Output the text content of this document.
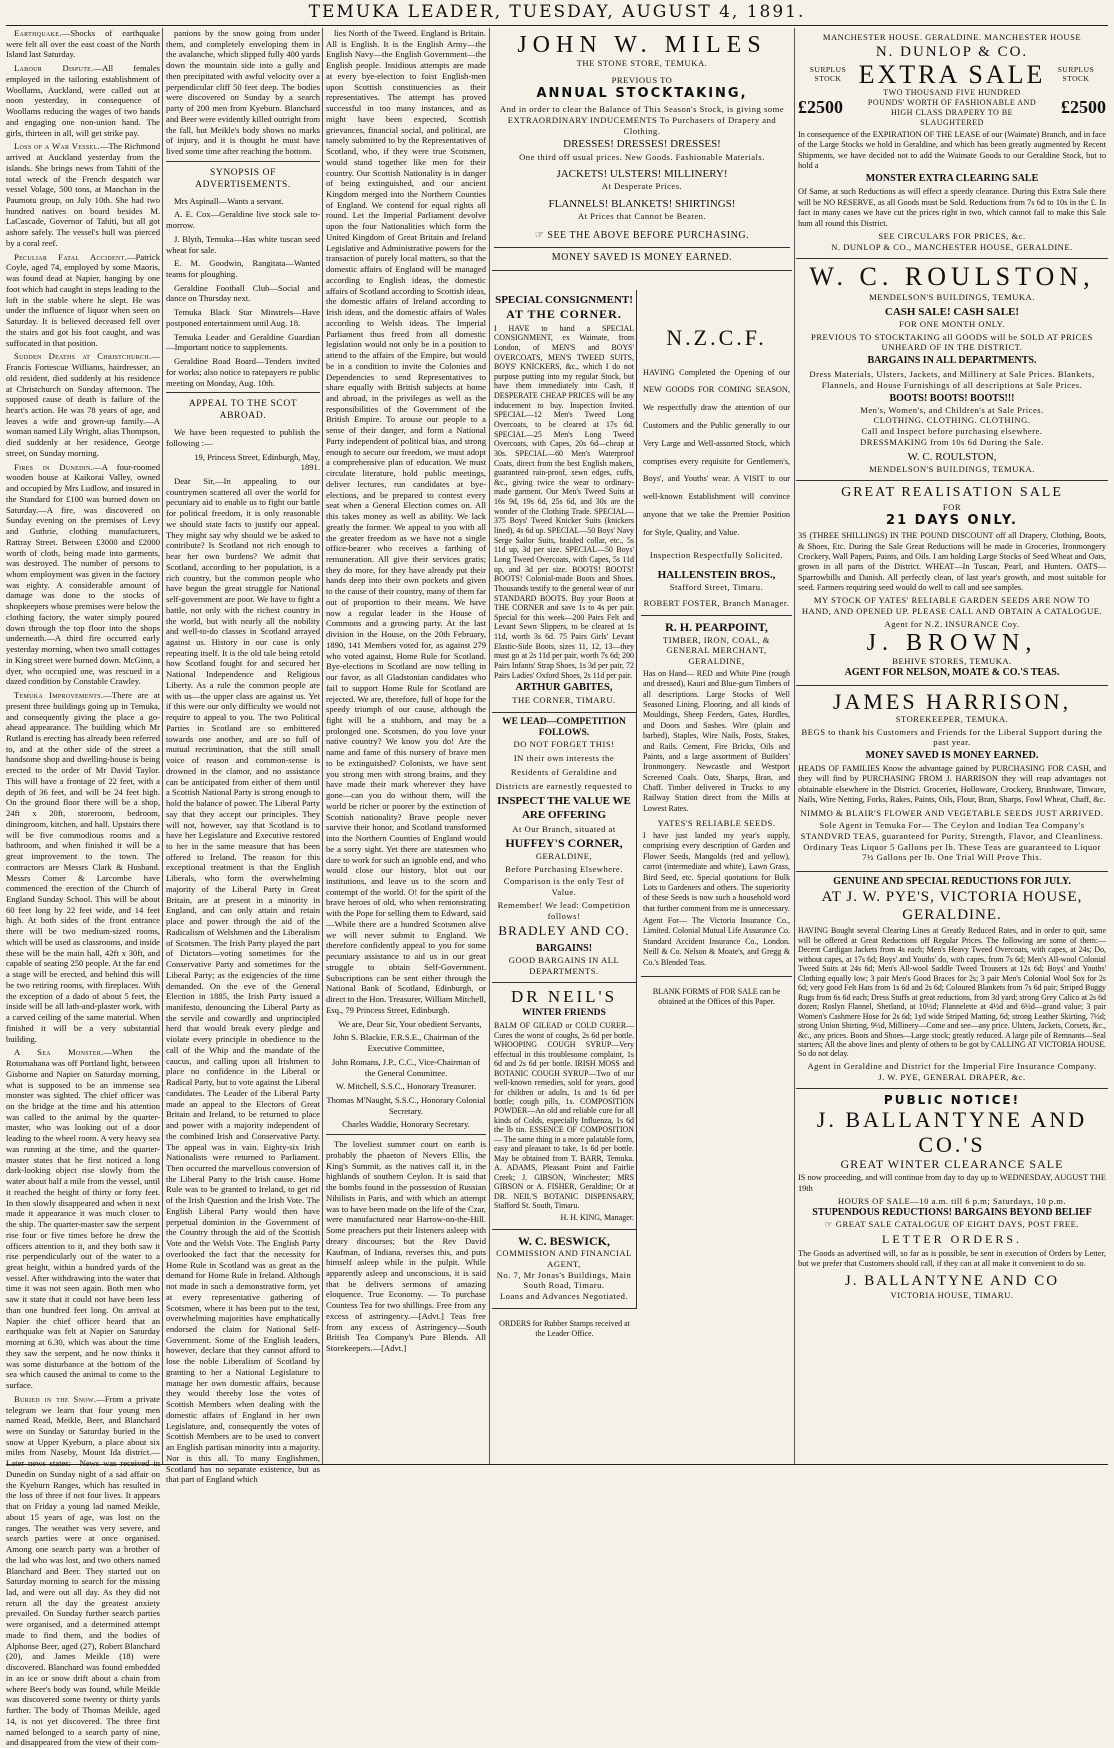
TEMUKA LEADER, TUESDAY, AUGUST 4, 1891.

Earthquake.—Shocks of earthquake were felt all over the east coast of the North Island last Saturday.

Labour Dispute.—All females employed in the tailoring establishment of Woollams, Auckland, were called out at noon yesterday, in consequence of Woollams reducing the wages of two hands and engaging one non-union hand. The girls, thirteen in all, will get strike pay.

Loss of a War Vessel.—The Richmond arrived at Auckland yesterday from the islands. She brings news from Tahiti of the total wreck of the French despatch war vessel Volage, 500 tons, at Manchan in the Paumotu group, on July 10th. She had two hundred natives on board besides M. LaCascade, Governor of Tahiti, but all got ashore safely. The vessel's hull was pierced by a coral reef.

Peculiar Fatal Accident.—Patrick Coyle, aged 74, employed by some Maoris, was found dead at Napier, hanging by one foot which had caught in steps leading to the loft in the stable where he slept. He was under the influence of liquor when seen on Saturday. It is believed deceased fell over the stairs and got his foot caught, and was suffocated in that position.

Sudden Deaths at Christchurch.—Francis Fortescue Williams, hairdresser, an old resident, died suddenly at his residence at Christchurch on Sunday afternoon. The supposed cause of death is failure of the heart's action. He was 78 years of age, and leaves a wife and grown-up family.—A woman named Lily Wright, alias Thompson, died suddenly at her residence, George street, on Sunday morning.

Fires in Dunedin.—A four-roomed wooden house at Kaikorai Valley, owned and occupied by Mrs Ludlow, and insured in the Standard for £100 was burned down on Saturday.—A fire, was discovered on Sunday evening on the premises of Levy and Guthrie, clothing manufacturers, Rattray Street. Between £3000 and £2000 worth of cloth, being made into garments, was destroyed. The number of persons to whom employment was given in the factory was eighty. A considerable amount of damage was done to the stocks of shopkeepers whose premises were below the clothing factory, the water simply poured down through the top floor into the shops underneath.—A third fire occurred early yesterday morning, when two small cottages in King street were burned down. McGinn, a dyer, who occupied one, was rescued in a dazed condition by Constable Crawley.

Temuka Improvements.—There are at present three buildings going up in Temuka, and consequently giving the place a go-ahead appearance. The building which Mr Rutland is erecting has already been referred to, and at the other side of the street a handsome shop and dwelling-house is being erected to the order of Mr David Taylor. This will have a frontage of 22 feet, with a depth of 36 feet, and will be 24 feet high. On the ground floor there will be a shop, 24ft x 20ft, storeroom, bedroom, diningroom, kitchen, and hall. Upstairs there will be five commodious rooms and a bathroom, and when finished it will be a great improvement to the town. The contractors are Messrs Clark & Husband. Messrs Comer & Larcombe have commenced the erection of the Church of England Sunday School. This will be about 60 feet long by 22 feet wide, and 14 feet high. At both sides of the front entrance there will be two medium-sized rooms, which will be used as classrooms, and inside these will be the main hall, 42ft x 30ft, and capable of seating 250 people. At the far end a stage will be erected, and behind this will be two retiring rooms, with fireplaces. With the exception of a dado of about 5 feet, the inside will be all lath-and-plaster work, with a carved ceiling of the same material. When finished it will be a very substantial building.

A Sea Monster.—When the Rotomahana was off Portland light, between Gisborne and Napier on Saturday morning, what is supposed to be an immense sea monster was sighted. The chief officer was on the bridge at the time and his attention was called to the animal by the quarter-master, who was looking out of a door leading to the wheel room. A very heavy sea was running at the time, and the quarter-master states that he first noticed a long dark-looking object rise slowly from the water about half a mile from the vessel, until it reached the height of thirty or forty feet. In then slowly disappeared and when it next made it appearance it was much closer to the ship. The quarter-master saw the serpent rise four or five times before he drew the officers attention to it, and they both saw it rise perpendicularly out of the water to a great height, within a hundred yards of the vessel. After withdrawing into the water that time it was not seen again. Both men who saw it state that it could not have been less than one hundred feet long. On arrival at Napier the chief officer heard that an earthquake was felt at Napier on Saturday morning at 6.30, which was about the time they saw the serpent, and he now thinks it was some disturbance at the bottom of the sea which caused the animal to come to the surface.

Buried in the Snow.—From a private telegram we learn that four young men named Read, Meikle, Beer, and Blanchard were on Sunday or Saturday buried in the snow at Upper Kyeburn, a place about six miles from Naseby, Mount Ida district.—Later news states:—News was received in Dunedin on Sunday night of a sad affair on the Kyeburn Ranges, which has resulted in the loss of three if not four lives. It appears that on Friday a young lad named Meikle, about 15 years of age, was lost on the ranges. The weather was very severe, and search parties were at once organised. Among one search party was a brother of the lad who was lost, and two others named Blanchard and Beer. They started out on Saturday morning to search for the missing lad, and were out all day. As they did not return all the day the greatest anxiety prevailed. On Sunday further search parties were organised, and a determined attempt made to find them, and the bodies of Alphonse Beer, aged (27), Robert Blanchard (20), and James Meikle (18) were discovered. Blanchard was found embedded in an ice or snow drift about a chain from where Beer's body was found, while Meikle was discovered some twenty or thirty yards further. The body of Thomas Meikle, aged 14, is not yet discovered. The three first named belonged to a search party of nine, and disappeared from the view of their com-

panions by the snow going from under them, and completely enveloping them in the avalanche, which slipped fully 400 yards down the mountain side into a gully and then precipitated with awful velocity over a perpendicular cliff 50 feet deep. The bodies were discovered on Sunday by a search party of 200 men from Kyeburn. Blanchard and Beer were evidently killed outright from the fall, but Meikle's body shows no marks of injury, and it is thought he must have lived some time after reaching the bottom.

SYNOPSIS OF ADVERTISEMENTS.

Mrs Aspinall—Wants a servant.

A. E. Cox—Geraldine live stock sale to-morrow.

J. Blyth, Temuka—Has white tuscan seed wheat for sale.

E. M. Goodwin, Rangitata—Wanted teams for ploughing.

Geraldine Football Club—Social and dance on Thursday next.

Temuka Black Star Minstrels—Have postponed entertainment until Aug. 18.

Temuka Leader and Geraldine Guardian—Important notice to supplements.

Geraldine Road Board—Tenders invited for works; also notice to ratepayers re public meeting on Monday, Aug. 10th.

APPEAL TO THE SCOT ABROAD.

We have been requested to publish the following :—

19, Princess Street, Edinburgh, May, 1891.

Dear Sir,—In appealing to our countrymen scattered all over the world for pecuniary aid to enable us to fight our battle for political freedom, it is only reasonable we should state facts to justify our appeal. They might say why should we be asked to contribute? Is Scotland not rich enough to bear her own burdens? We admit that Scotland, according to her population, is a rich country, but the common people who have begun the great struggle for National self-government are poor. We have to fight a battle, not only with the richest country in the world, but with nearly all the nobility and well-to-do classes in Scotland arrayed against us. History in our case is only repeating itself. It is the old tale being retold how Scotland fought for and secured her National Independence and Religious Liberty. As a rule the common people are with us—the upper class are against us. Yet if this were our only difficulty we would not require to appeal to you. The two Political Parties in Scotland are so embittered towards one another, and are so full of mutual recrimination, that the still small voice of reason and common-sense is drowned in the clamor, and no assistance can be anticipated from either of them until a Scottish National Party is strong enough to hold the balance of power. The Liberal Party say that they accept our principles. They will not, however, say that Scotland is to have her Legislature and Executive restored to her in the same measure that has been offered to Ireland. The reason for this exceptional treatment is that the English Liberals, who form the overwhelming majority of the Liberal Party in Great Britain, are at present in a minority in England, and can only attain and retain place and power through the aid of the Radicalism of Welshmen and the Liberalism of Scotsmen. The Irish Party played the part of Dictators—voting sometimes for the Conservative Party and sometimes for the Liberal Party; as the exigencies of the time demanded. On the eve of the General Election in 1885, the Irish Party issued a manifesto, denouncing the Liberal Party as the servile and cowardly and unprincipled herd that would break every pledge and violate every principle in obedience to the call of the Whip and the mandate of the caucus, and calling upon all Irishmen to place no confidence in the Liberal or Radical Party, but to vote against the Liberal candidates. The Leader of the Liberal Party made an appeal to the Electors of Great Britain and Ireland, to be returned to place and power with a majority independent of the combined Irish and Conservative Party. The appeal was in vain. Eighty-six Irish Nationalists were returned to Parliament. Then occurred the marvellous conversion of the Liberal Party to the Irish cause. Home Rule was to be granted to Ireland, to get rid of the Irish Question and the Irish Vote. The English Liberal Party would then have perpetual dominion in the Government of the Country through the aid of the Scottish Vote and the Welsh Vote. The English Party overlooked the fact that the necessity for Home Rule in Scotland was as great as the demand for Home Rule in Ireland. Although not made in such a demonstrative form, yet at every representative gathering of Scotsmen, where it has been put to the test, overwhelming majorities have emphatically endorsed the claim for National Self-Government. Some of the English leaders, however, declare that they cannot afford to lose the noble Liberalism of Scotland by granting to her a National Legislature to manage her own domestic affairs, because they would thereby lose the votes of Scottish Members when dealing with the domestic affairs of England in her own Legislature, and, consequently the votes of Scottish Members are to be used to convert an English partisan minority into a majority. Nor is this all. To many Englishmen, Scotland has no separate existence, but as that part of England which

lies North of the Tweed. England is Britain. All is English. It is the English Army—the English Navy—the English Government—the English people. Insidious attempts are made at every bye-election to foist English-men upon Scottish constituencies as their representatives. The attempt has proved successful in too many instances, and as might have been expected, Scottish grievances, financial social, and political, are tamely submitted to by the Representatives of Scotland, who, if they were true Scotsmen, would stand together like men for their country. Our Scottish Nationality is in danger of being extinguished, and our ancient Kingdom merged into the Northern Counties of England. We contend for equal rights all round. Let the Imperial Parliament devolve upon the four Nationalities which form the United Kingdom of Great Britain and Ireland Legislative and Administrative powers for the transaction of purely local matters, so that the domestic affairs of England will be managed according to English ideas, the domestic affairs of Scotland according to Scottish ideas, the domestic affairs of Ireland according to Irish ideas, and the domestic affairs of Wales according to Welsh ideas. The Imperial Parliament thus freed from all domestic legislation would not only be in a position to attend to the affairs of the Empire, but would be in a condition to invite the Colonies and Dependencies to send Representatives to share equally with British subjects at home and abroad, in the privileges as well as the responsibilities of the Government of the British Empire. To arouse our people to a sense of their danger, and form a National Party independent of political bias, and strong enough to secure our freedom, we must adopt a comprehensive plan of education. We must circulate literature, hold public meetings, deliver lectures, run candidates at bye-elections, and be prepared to contest every seat when a General Election comes on. All this takes money as well as ability. We lack greatly the former. We appeal to you with all the greater freedom as we have not a single office-bearer who receives a farthing of remuneration. All give their services gratis; they do more, for they have already put their hands deep into their own pockets and given to the cause of their country, many of them far out of proportion to their means. We have now a regular leader in the House of Commons and a growing party. At the last division in the House, on the 20th February, 1890, 141 Members voted for, as against 279 who voted against, Home Rule for Scotland. Bye-elections in Scotland are now telling in our favor, as all Gladstonian candidates who fail to support Home Rule for Scotland are rejected. We are, therefore, full of hope for the speedy triumph of our cause, although the fight will be a stubborn, and may be a prolonged one. Scotsmen, do you love your native country? We know you do! Are the name and fame of this nursery of brave men to be extinguished? Colonists, we have sent you strong men with strong brains, and they have made their mark wherever they have gone—can you do without them, will the world be richer or poorer by the extinction of Scottish nationality? Brave people never survive their honor, and Scotland transformed into the Northern Counties of England would be a sorry sight. Yet there are statesmen who dare to work for such an ignoble end, and who would close our history, blot out our institutions, and leave us to the scorn and contempt of the world. O! for the spirit of the brave heroes of old, who when remonstrating with the Pope for selling them to Edward, said—While there are a hundred Scotsmen alive we will never submit to England. We therefore confidently appeal to you for some pecuniary assistance to aid us in our great struggle to obtain Self-Government. Subscriptions can be sent either through the National Bank of Scotland, Edinburgh, or direct to the Hon. Treasurer, William Mitchell, Esq., 79 Princess Street, Edinburgh.

We are, Dear Sir, Your obedient Servants,

John S. Blackie, F.R.S.E., Chairman of the Executive Committee,

John Romans, J.P., C.C., Vice-Chairman of the General Committee.

W. Mitchell, S.S.C., Honorary Treasurer.

Thomas M'Naught, S.S.C., Honorary Colonial Secretary.

Charles Waddie, Honorary Secretary.

The loveliest summer court on earth is probably the phaeton of Nevers Ellis, the King's Summit, as the natives call it, in the highlands of southern Ceylon. It is said that the bombs found in the possession of Russian Nihilists in Paris, and with which an attempt was to have been made on the life of the Czar, were manufactured near Harrow-on-the-Hill. Some preachers put their listeners asleep with dreary discourses; but the Rev David Kaufman, of Indiana, reverses this, and puts himself asleep while in the pulpit. While apparently asleep and unconscious, it is said that he delivers sermons of amazing eloquence. True Economy. — To purchase Countess Tea for two shillings. Free from any excess of astringency.—[Advt.] Teas free from any excess of Astringency—South British Tea Company's Pure Blends. All Storekeepers.—[Advt.]

JOHN W. MILES
THE STONE STORE, TEMUKA.
PREVIOUS TO
ANNUAL STOCKTAKING,

And in order to clear the Balance of This Season's Stock, is giving some EXTRAORDINARY INDUCEMENTS To Purchasers of Drapery and Clothing.

DRESSES! DRESSES! DRESSES!
One third off usual prices. New Goods. Fashionable Materials.
JACKETS! ULSTERS! MILLINERY!
At Desperate Prices.
FLANNELS! BLANKETS! SHIRTINGS!
At Prices that Cannot be Beaten.
☞ SEE THE ABOVE BEFORE PURCHASING.
MONEY SAVED IS MONEY EARNED.
SPECIAL CONSIGNMENT!
AT THE CORNER.

I HAVE to hand a SPECIAL CONSIGNMENT, ex Waimate, from London, of MEN'S and BOYS' OVERCOATS, MEN'S TWEED SUITS, BOYS' KNICKERS, &c., which I do not purpose putting into my regular Stock, but have them immediately into Cash, if DESPERATE CHEAP PRICES will be any inducement to buy. Inspection Invited. SPECIAL—12 Men's Tweed Long Overcoats, to be cleared at 17s 6d. SPECIAL—25 Men's Long Tweed Overcoats, with Capes, 20s 6d—cheap at 30s. SPECIAL—60 Men's Waterproof Coats, direct from the best English makers, guaranteed rain-proof, sewn edges, cuffs, &c., giving twice the wear to ordinary-made garment. Our Men's Tweed Suits at 16s 9d, 19s 6d, 25s 6d, and 30s are the wonder of the Clothing Trade. SPECIAL—375 Boys' Tweed Knicker Suits (knickers lined), 4s 6d up. SPECIAL—50 Boys' Navy Serge Sailor Suits, braided collar, etc., 5s 11d up, 3d per size. SPECIAL—50 Boys' Long Tweed Overcoats, with Capes, 5s 11d up, and 3d per size. BOOTS! BOOTS! BOOTS! Colonial-made Boots and Shoes. Thousands testify to the general wear of our STANDARD BOOTS. Buy your Boots at THE CORNER and save 1s to 4s per pair. Special for this week—200 Pairs Felt and Levant Sewn Slippers, to be cleared at 1s 11d, worth 3s 6d. 75 Pairs Girls' Levant Elastic-Side Boots, sizes 11, 12, 13—they must go at 2s 11d per pair, worth 7s 6d; 200 Pairs Infants' Strap Shoes, 1s 3d per pair, 72 Pairs Ladies' Oxford Shoes, 2s 11d per pair.

ARTHUR GABITES,
THE CORNER, TIMARU.
WE LEAD—COMPETITION FOLLOWS.
DO NOT FORGET THIS!

IN their own interests the Residents of Geraldine and Districts are earnestly requested to

INSPECT THE VALUE WE ARE OFFERING

At Our Branch, situated at

HUFFEY'S CORNER,
GERALDINE,

Before Purchasing Elsewhere.

Comparison is the only Test of Value.

Remember! We lead: Competition follows!

BRADLEY AND CO.
BARGAINS!
GOOD BARGAINS IN ALL DEPARTMENTS.
DR NEIL'S
WINTER FRIENDS

BALM OF GILEAD or COLD CURER—Cures the worst of coughs, 2s 6d per bottle. WHOOPING COUGH SYRUP—Very effectual in this troublesome complaint, 1s 6d and 2s 6d per bottle. IRISH MOSS and BOTANIC COUGH SYRUP—Two of our well-known remedies, sold for years, good for children or adults, 1s and 1s 6d per bottle; cough pills, 1s. COMPOSITION POWDER—An old and reliable cure for all kinds of Colds, especially Influenza, 1s 6d the lb tin. ESSENCE OF COMPOSITION — The same thing in a more palatable form, easy and pleasant to take, 1s 6d per bottle. May be obtained from T. BARR, Temuka. A. ADAMS, Pleasant Point and Fairlie Creek; J. GIBSON, Winchester; MRS GIBSON or A. FISHER, Geraldine; Or at DR. NEIL'S BOTANIC DISPENSARY, Stafford St. South, Timaru.

H. H. KING, Manager.
W. C. BESWICK,
COMMISSION AND FINANCIAL AGENT,
No. 7, Mr Jonas's Buildings, Main South Road, Timaru.
Loans and Advances Negotiated.

ORDERS for Rubber Stamps received at the Leader Office.

N.Z.C.F.

HAVING Completed the Opening of our NEW GOODS FOR COMING SEASON, We respectfully draw the attention of our Customers and the Public generally to our Very Large and Well-assorted Stock, which comprises every requisite for Gentlemen's, Boys', and Youths' wear. A VISIT to our well-known Establishment will convince anyone that we take the Premier Position for Style, Quality, and Value.

Inspection Respectfully Solicited.

HALLENSTEIN BROS.,
Stafford Street, Timaru.
ROBERT FOSTER, Branch Manager.
R. H. PEARPOINT,
TIMBER, IRON, COAL, & GENERAL MERCHANT, GERALDINE,

Has on Hand— RED and White Pine (rough and dressed), Kauri and Blue-gum Timbers of all descriptions. Large Stocks of Well Seasoned Lining, Flooring, and all kinds of Mouldings, Sheep Feeders, Gates, Hurdles, and Doors and Sashes. Wire (plain and barbed), Staples, Wire Nails, Posts, Stakes, and Rails. Cement, Fire Bricks, Oils and Paints, and a large assortment of Builders' Ironmongery. Newcastle and Westport Screened Coals. Oats, Sharps, Bran, and Chaff. Timber delivered in Trucks to any Railway Station direct from the Mills at Lowest Rates.

YATES'S RELIABLE SEEDS.

I have just landed my year's supply, comprising every description of Garden and Flower Seeds, Mangolds (red and yellow), carrot (intermediate and white), Lawn Grass, Bird Seed, etc. Special quotations for Bulk Lots to Gardeners and others. The superiority of these Seeds is now such a household word that further comment from me is unnecessary.

Agent For— The Victoria Insurance Co., Limited. Colonial Mutual Life Assurance Co. Standard Accident Insurance Co., London. Neill & Co. Nelson & Moate's, and Gregg & Co.'s Blended Teas.

BLANK FORMS of FOR SALE can be obtained at the Offices of this Paper.

MANCHESTER HOUSE. GERALDINE. MANCHESTER HOUSE
N. DUNLOP & CO.
SURPLUS STOCK EXTRA SALE	SURPLUS STOCK
£2500
TWO THOUSAND FIVE HUNDRED POUNDS' WORTH OF FASHIONABLE AND HIGH CLASS DRAPERY TO BE SLAUGHTERED
£2500

In consequence of the EXPIRATION OF THE LEASE of our (Waimate) Branch, and in face of the Large Stocks we hold in Geraldine, and which has been greatly augmented by Recent Shipments, we have decided not to add the Waimate Goods to our Geraldine Stock, but to hold a

MONSTER EXTRA CLEARING SALE

Of Same, at such Reductions as will effect a speedy clearance. During this Extra Sale there will be NO RESERVE, as all Goods must be Sold. Reductions from 7s 6d to 10s in the £. In fact in many cases we have cut the prices right in two, which cannot fail to make this Sale hum all round this District.

SEE CIRCULARS FOR PRICES, &c.
N. DUNLOP & CO., MANCHESTER HOUSE, GERALDINE.
W. C. ROULSTON,
MENDELSON'S BUILDINGS, TEMUKA.
CASH SALE! CASH SALE!
FOR ONE MONTH ONLY.

PREVIOUS TO STOCKTAKING all GOODS will be SOLD AT PRICES UNHEARD OF IN THE DISTRICT.

BARGAINS IN ALL DEPARTMENTS.

Dress Materials, Ulsters, Jackets, and Millinery at Sale Prices. Blankets, Flannels, and House Furnishings of all descriptions at Sale Prices.

BOOTS! BOOTS! BOOTS!!!
Men's, Women's, and Children's at Sale Prices.
CLOTHING. CLOTHING. CLOTHING.
Call and Inspect before purchasing elsewhere.
DRESSMAKING from 10s 6d During the Sale.
W. C. ROULSTON,
MENDELSON'S BUILDINGS, TEMUKA.
GREAT REALISATION SALE
FOR
21 DAYS ONLY.

3S (THREE SHILLINGS) IN THE POUND DISCOUNT off all Drapery, Clothing, Boots, & Shoes, Etc. During the Sale Great Reductions will be made in Groceries, Ironmongery Crockery, Wall Papers, Paints, and Oils. I am holding Large Stocks of Seed Wheat and Oats, grown in all parts of the District. WHEAT—In Tuscan, Pearl, and Hunters. OATS—Sparrowbills and Danish. All perfectly clean, of last year's growth, and most suitable for seed. Farmers requiring seed would do well to call and see samples.

MY STOCK OF YATES' RELIABLE GARDEN SEEDS ARE NOW TO HAND, AND OPENED UP. PLEASE CALL AND OBTAIN A CATALOGUE.

Agent for N.Z. INSURANCE Coy.
J. BROWN,
BEHIVE STORES, TEMUKA.
AGENT FOR NELSON, MOATE & CO.'S TEAS.
JAMES HARRISON,
STOREKEEPER, TEMUKA.

BEGS to thank his Customers and Friends for the Liberal Support during the past year.

MONEY SAVED IS MONEY EARNED.

HEADS OF FAMILIES Know the advantage gained by PURCHASING FOR CASH, and they will find by PURCHASING FROM J. HARRISON they will reap advantages not obtainable elsewhere in the District. Groceries, Holloware, Crockery, Brushware, Tinware, Nails, Wire Netting, Forks, Rakes, Paints, Oils, Flour, Bran, Sharps, Fowl Wheat, Chaff, &c.

NIMMO & BLAIR'S FLOWER AND VEGETABLE SEEDS JUST ARRIVED.

Sole Agent in Temuka For— The Ceylon and Indian Tea Company's STANDVRD TEAS, guaranteed for Purity, Strength, Flavor, and Cleanliness. Ordinary Teas Liquor 5 Gallons per lb. These Teas are guaranteed to Liquor 7½ Gallons per lb. One Trial Will Prove This.

GENUINE AND SPECIAL REDUCTIONS FOR JULY.
AT J. W. PYE'S, VICTORIA HOUSE, GERALDINE.

HAVING Bought several Clearing Lines at Greatly Reduced Rates, and in order to quit, same will be offered at Great Reductions off Regular Prices. The following are some of them:— Decent Cardigan Jackets from 4s each; Men's Heavy Tweed Overcoats, with capes, at 24s; Do, without capes, at 17s 6d; Boys' and Youths' do, with capes, from 7s 6d; Men's All-wool Colonial Tweed Suits at 24s 6d; Men's All-wool Saddle Tweed Trousers at 12s 6d; Boys' and Youths' Clothing equally low; 3 pair Men's Good Braces for 2s; 3 pair Men's Colonial Wool Sox for 2s 6d; very good Felt Hats from 1s 6d and 2s 6d; Coloured Blankets from 7s 6d pair; Striped Buggy Rugs from 6s 6d each; Dress Stuffs at great reductions, from 3d yard; strong Grey Calico at 2s 6d dozen; Roslyn Flannel, Shetland, at 10½d; Flannelette at 4½d and 6½d—grand value; 3 pair Women's Cashmere Hose for 2s 6d; 1yd wide Striped Matting, 6d; strong Leather Skirting, 7½d; strong Union Shirting, 9½d, Millinery—Come and see—any price. Ulsters, Jackets, Corsets, &c., &c., any prices. Boots and Shoes—Large stock; greatly reduced. A large pile of Remnants—Seal starters; All the above lines and plenty of others to be got by CALLING AT VICTORIA HOUSE. So do not delay.

Agent in Geraldine and District for the Imperial Fire Insurance Company.
J. W. PYE, GENERAL DRAPER, &c.
PUBLIC NOTICE!
J. BALLANTYNE AND CO.'S
GREAT WINTER CLEARANCE SALE

IS now proceeding, and will continue from day to day up to WEDNESDAY, AUGUST THE 19th

HOURS OF SALE—10 a.m. till 6 p.m; Saturdays, 10 p.m.
STUPENDOUS REDUCTIONS! BARGAINS BEYOND BELIEF
☞ GREAT SALE CATALOGUE OF EIGHT DAYS, POST FREE.
LETTER ORDERS.

The Goods as advertised will, so far as is possible, be sent in execution of Orders by Letter, but we prefer that Customers should call, if they can at all make it convenient to do so.

J. BALLANTYNE AND CO
VICTORIA HOUSE, TIMARU.
